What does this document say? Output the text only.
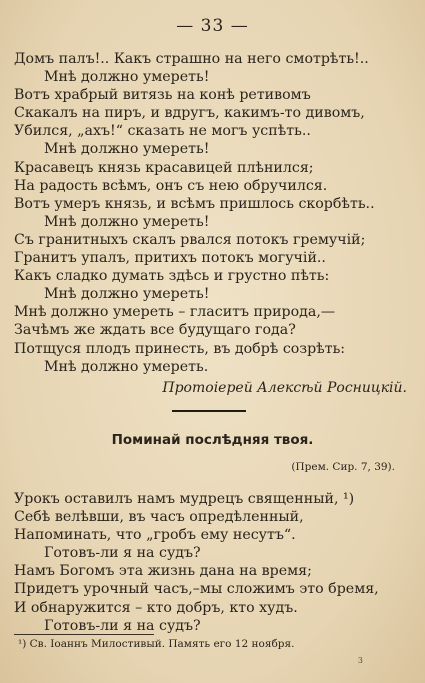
— 33 —
Домъ палъ!.. Какъ страшно на него смотрѣть!..
Мнѣ должно умереть!
Вотъ храбрый витязь на конѣ ретивомъ
Скакалъ на пиръ, и вдругъ, какимъ-то дивомъ,
Убился, „ахъ!“ сказать не могъ успѣть..
Мнѣ должно умереть!
Красавецъ князь красавицей плѣнился;
На радость всѣмъ, онъ съ нею обручился.
Вотъ умеръ князь, и всѣмъ пришлось скорбѣть..
Мнѣ должно умереть!
Съ гранитныхъ скалъ рвался потокъ гремучій;
Гранитъ упалъ, притихъ потокъ могучій..
Какъ сладко думать здѣсь и грустно пѣть:
Мнѣ должно умереть!
Мнѣ должно умереть – гласитъ природа,—
Зачѣмъ же ждать все будущаго года?
Потщуся плодъ принесть, въ добрѣ созрѣть:
Мнѣ должно умереть.
Протоiерей Алексѣй Росницкiй.
Поминай послѣдняя твоя.
(Прем. Сир. 7, 39).
Урокъ оставилъ намъ мудрецъ священный, ¹)
Себѣ велѣвши, въ часъ опредѣленный,
Напоминать, что „гробъ ему несутъ“.
Готовъ-ли я на судъ?
Намъ Богомъ эта жизнь дана на время;
Придетъ урочный часъ,–мы сложимъ это бремя,
И обнаружится – кто добръ, кто худъ.
Готовъ-ли я на судъ?
¹) Св. Iоаннъ Милостивый. Память его 12 ноября.
3
